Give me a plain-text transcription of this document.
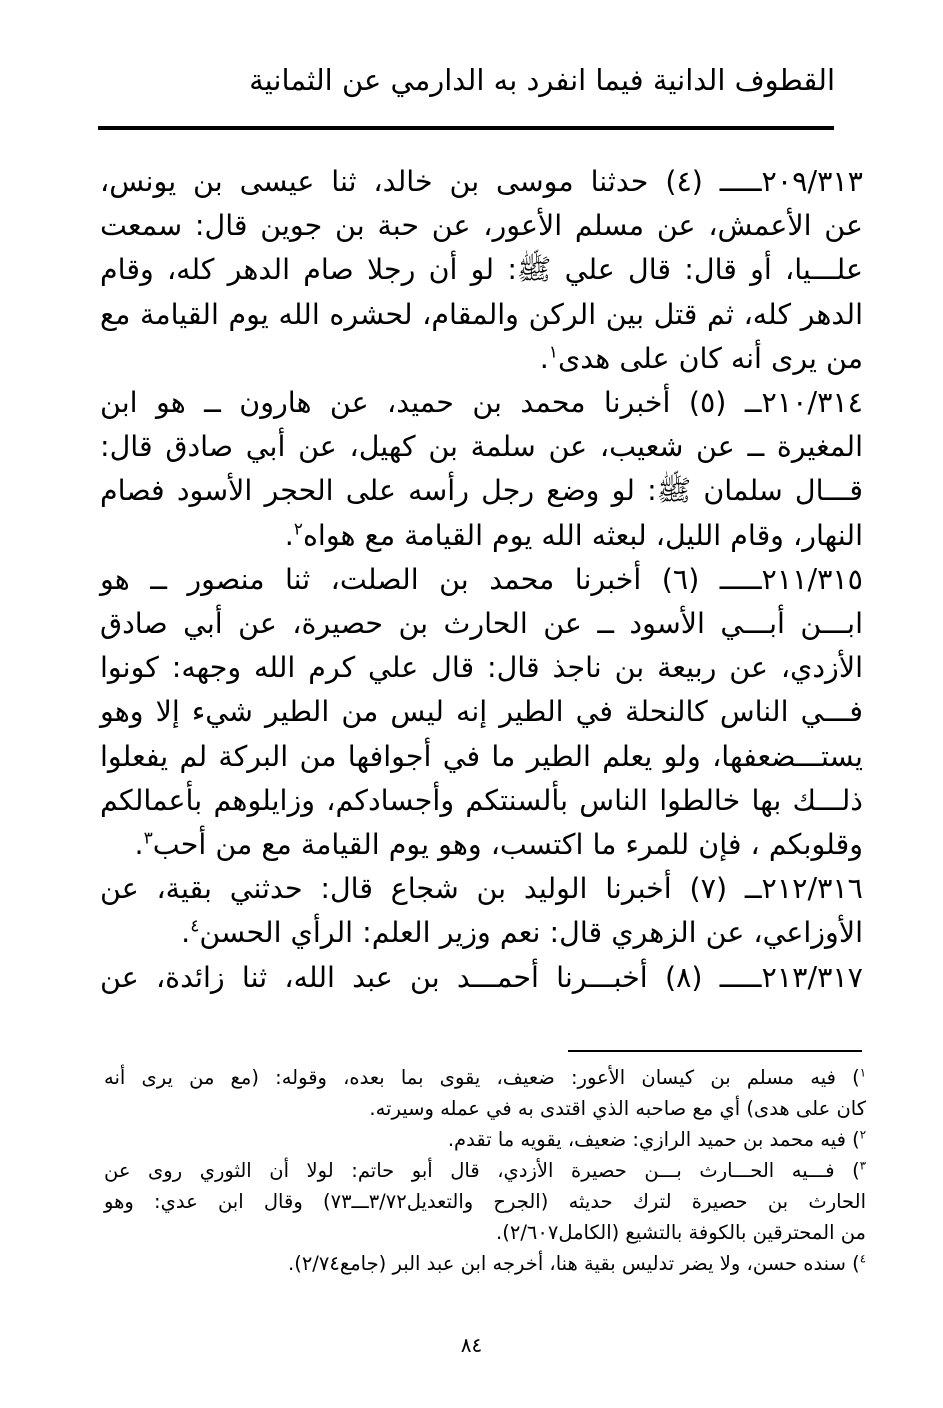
القطوف الدانية فيما انفرد به الدارمي عن الثمانية

٢٠٩/٣١٣ـــــ (٤) حدثنا موسى بن خالد، ثنا عيسى بن يونس،
عن الأعمش، عن مسلم الأعور، عن حبة بن جوين قال: سمعت
علـــيا، أو قال: قال علي ﷺ: لو أن رجلا صام الدهر كله، وقام
الدهر كله، ثم قتل بين الركن والمقام، لحشره الله يوم القيامة مع
من يرى أنه كان على هدى$^١$.

٢١٠/٣١٤ــ (٥) أخبرنا محمد بن حميد، عن هارون ــ هو ابن
المغيرة ــ عن شعيب، عن سلمة بن كهيل، عن أبي صادق قال:
قـــال سلمان ﷺ: لو وضع رجل رأسه على الحجر الأسود فصام
النهار، وقام الليل، لبعثه الله يوم القيامة مع هواه$^٢$.

٢١١/٣١٥ـــــ (٦) أخبرنا محمد بن الصلت، ثنا منصور ــ هو
ابـــن أبـــي الأسود ــ عن الحارث بن حصيرة، عن أبي صادق
الأزدي، عن ربيعة بن ناجذ قال: قال علي كرم الله وجهه: كونوا
فـــي الناس كالنحلة في الطير إنه ليس من الطير شيء إلا وهو
يستـــضعفها، ولو يعلم الطير ما في أجوافها من البركة لم يفعلوا
ذلـــك بها خالطوا الناس بألسنتكم وأجسادكم، وزايلوهم بأعمالكم
وقلوبكم ، فإن للمرء ما اكتسب، وهو يوم القيامة مع من أحب$^٣$.

٢١٢/٣١٦ــ (٧) أخبرنا الوليد بن شجاع قال: حدثني بقية، عن
الأوزاعي، عن الزهري قال: نعم وزير العلم: الرأي الحسن$^٤$.

٢١٣/٣١٧ـــــ (٨) أخبـــرنا أحمـــد بن عبد الله، ثنا زائدة، عن

$^١$) فيه مسلم بن كيسان الأعور: ضعيف، يقوى بما بعده، وقوله: (مع من يرى أنه
كان على هدى) أي مع صاحبه الذي اقتدى به في عمله وسيرته.

$^٢$) فيه محمد بن حميد الرازي: ضعيف، يقويه ما تقدم.

$^٣$) فـــيه الحـــارث بـــن حصيرة الأزدي، قال أبو حاتم: لولا أن الثوري روى عن
الحارث بن حصيرة لترك حديثه (الجرح والتعديل٣/٧٢ـــ٧٣) وقال ابن عدي: وهو
من المحترقين بالكوفة بالتشيع (الكامل٢/٦٠٧).

$^٤$) سنده حسن، ولا يضر تدليس بقية هنا، أخرجه ابن عبد البر (جامع٢/٧٤).

٨٤
